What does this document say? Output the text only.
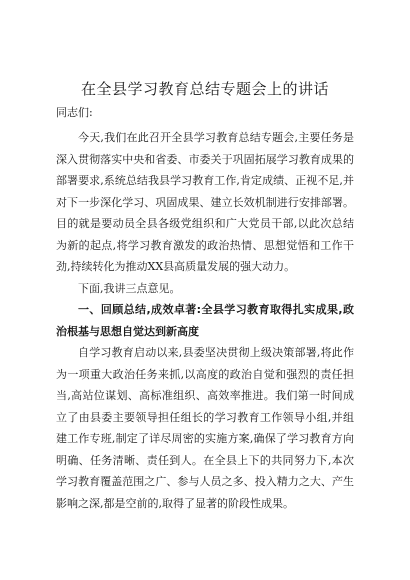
在全县学习教育总结专题会上的讲话
同志们:

今天,我们在此召开全县学习教育总结专题会,主要任务是深入贯彻落实中央和省委、市委关于巩固拓展学习教育成果的部署要求,系统总结我县学习教育工作,肯定成绩、正视不足,并对下一步深化学习、巩固成果、建立长效机制进行安排部署。目的就是要动员全县各级党组织和广大党员干部,以此次总结为新的起点,将学习教育激发的政治热情、思想觉悟和工作干劲,持续转化为推动XX县高质量发展的强大动力。

下面,我讲三点意见。

一、回顾总结,成效卓著:全县学习教育取得扎实成果,政治根基与思想自觉达到新高度

自学习教育启动以来,县委坚决贯彻上级决策部署,将此作为一项重大政治任务来抓,以高度的政治自觉和强烈的责任担当,高站位谋划、高标准组织、高效率推进。我们第一时间成立了由县委主要领导担任组长的学习教育工作领导小组,并组建工作专班,制定了详尽周密的实施方案,确保了学习教育方向明确、任务清晰、责任到人。在全县上下的共同努力下,本次学习教育覆盖范围之广、参与人员之多、投入精力之大、产生影响之深,都是空前的,取得了显著的阶段性成果。
